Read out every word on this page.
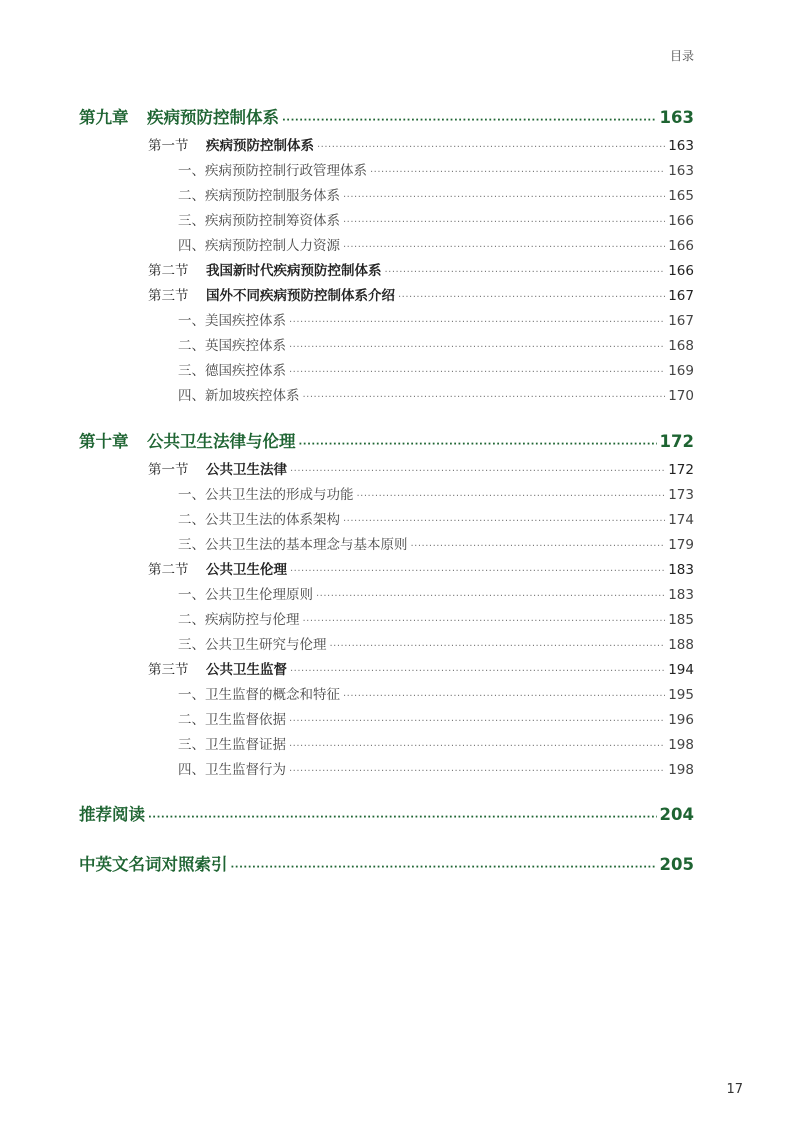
目录
第九章 疾病预防控制体系 ·····	163
第一节 疾病预防控制体系 ·····	163
一、疾病预防控制行政管理体系 ·····	163
二、疾病预防控制服务体系 ·····	165
三、疾病预防控制筹资体系 ·····	166
四、疾病预防控制人力资源 ·····	166
第二节 我国新时代疾病预防控制体系 ·····	166
第三节 国外不同疾病预防控制体系介绍 ·····	167
一、美国疾控体系 ·····	167
二、英国疾控体系 ·····	168
三、德国疾控体系 ·····	169
四、新加坡疾控体系 ·····	170
第十章 公共卫生法律与伦理 ·····	172
第一节 公共卫生法律 ·····	172
一、公共卫生法的形成与功能 ·····	173
二、公共卫生法的体系架构 ·····	174
三、公共卫生法的基本理念与基本原则 ·····	179
第二节 公共卫生伦理 ·····	183
一、公共卫生伦理原则 ·····	183
二、疾病防控与伦理 ·····	185
三、公共卫生研究与伦理 ·····	188
第三节 公共卫生监督 ·····	194
一、卫生监督的概念和特征 ·····	195
二、卫生监督依据 ·····	196
三、卫生监督证据 ·····	198
四、卫生监督行为 ·····	198
推荐阅读 ·····	204
中英文名词对照索引 ·····	205
17
